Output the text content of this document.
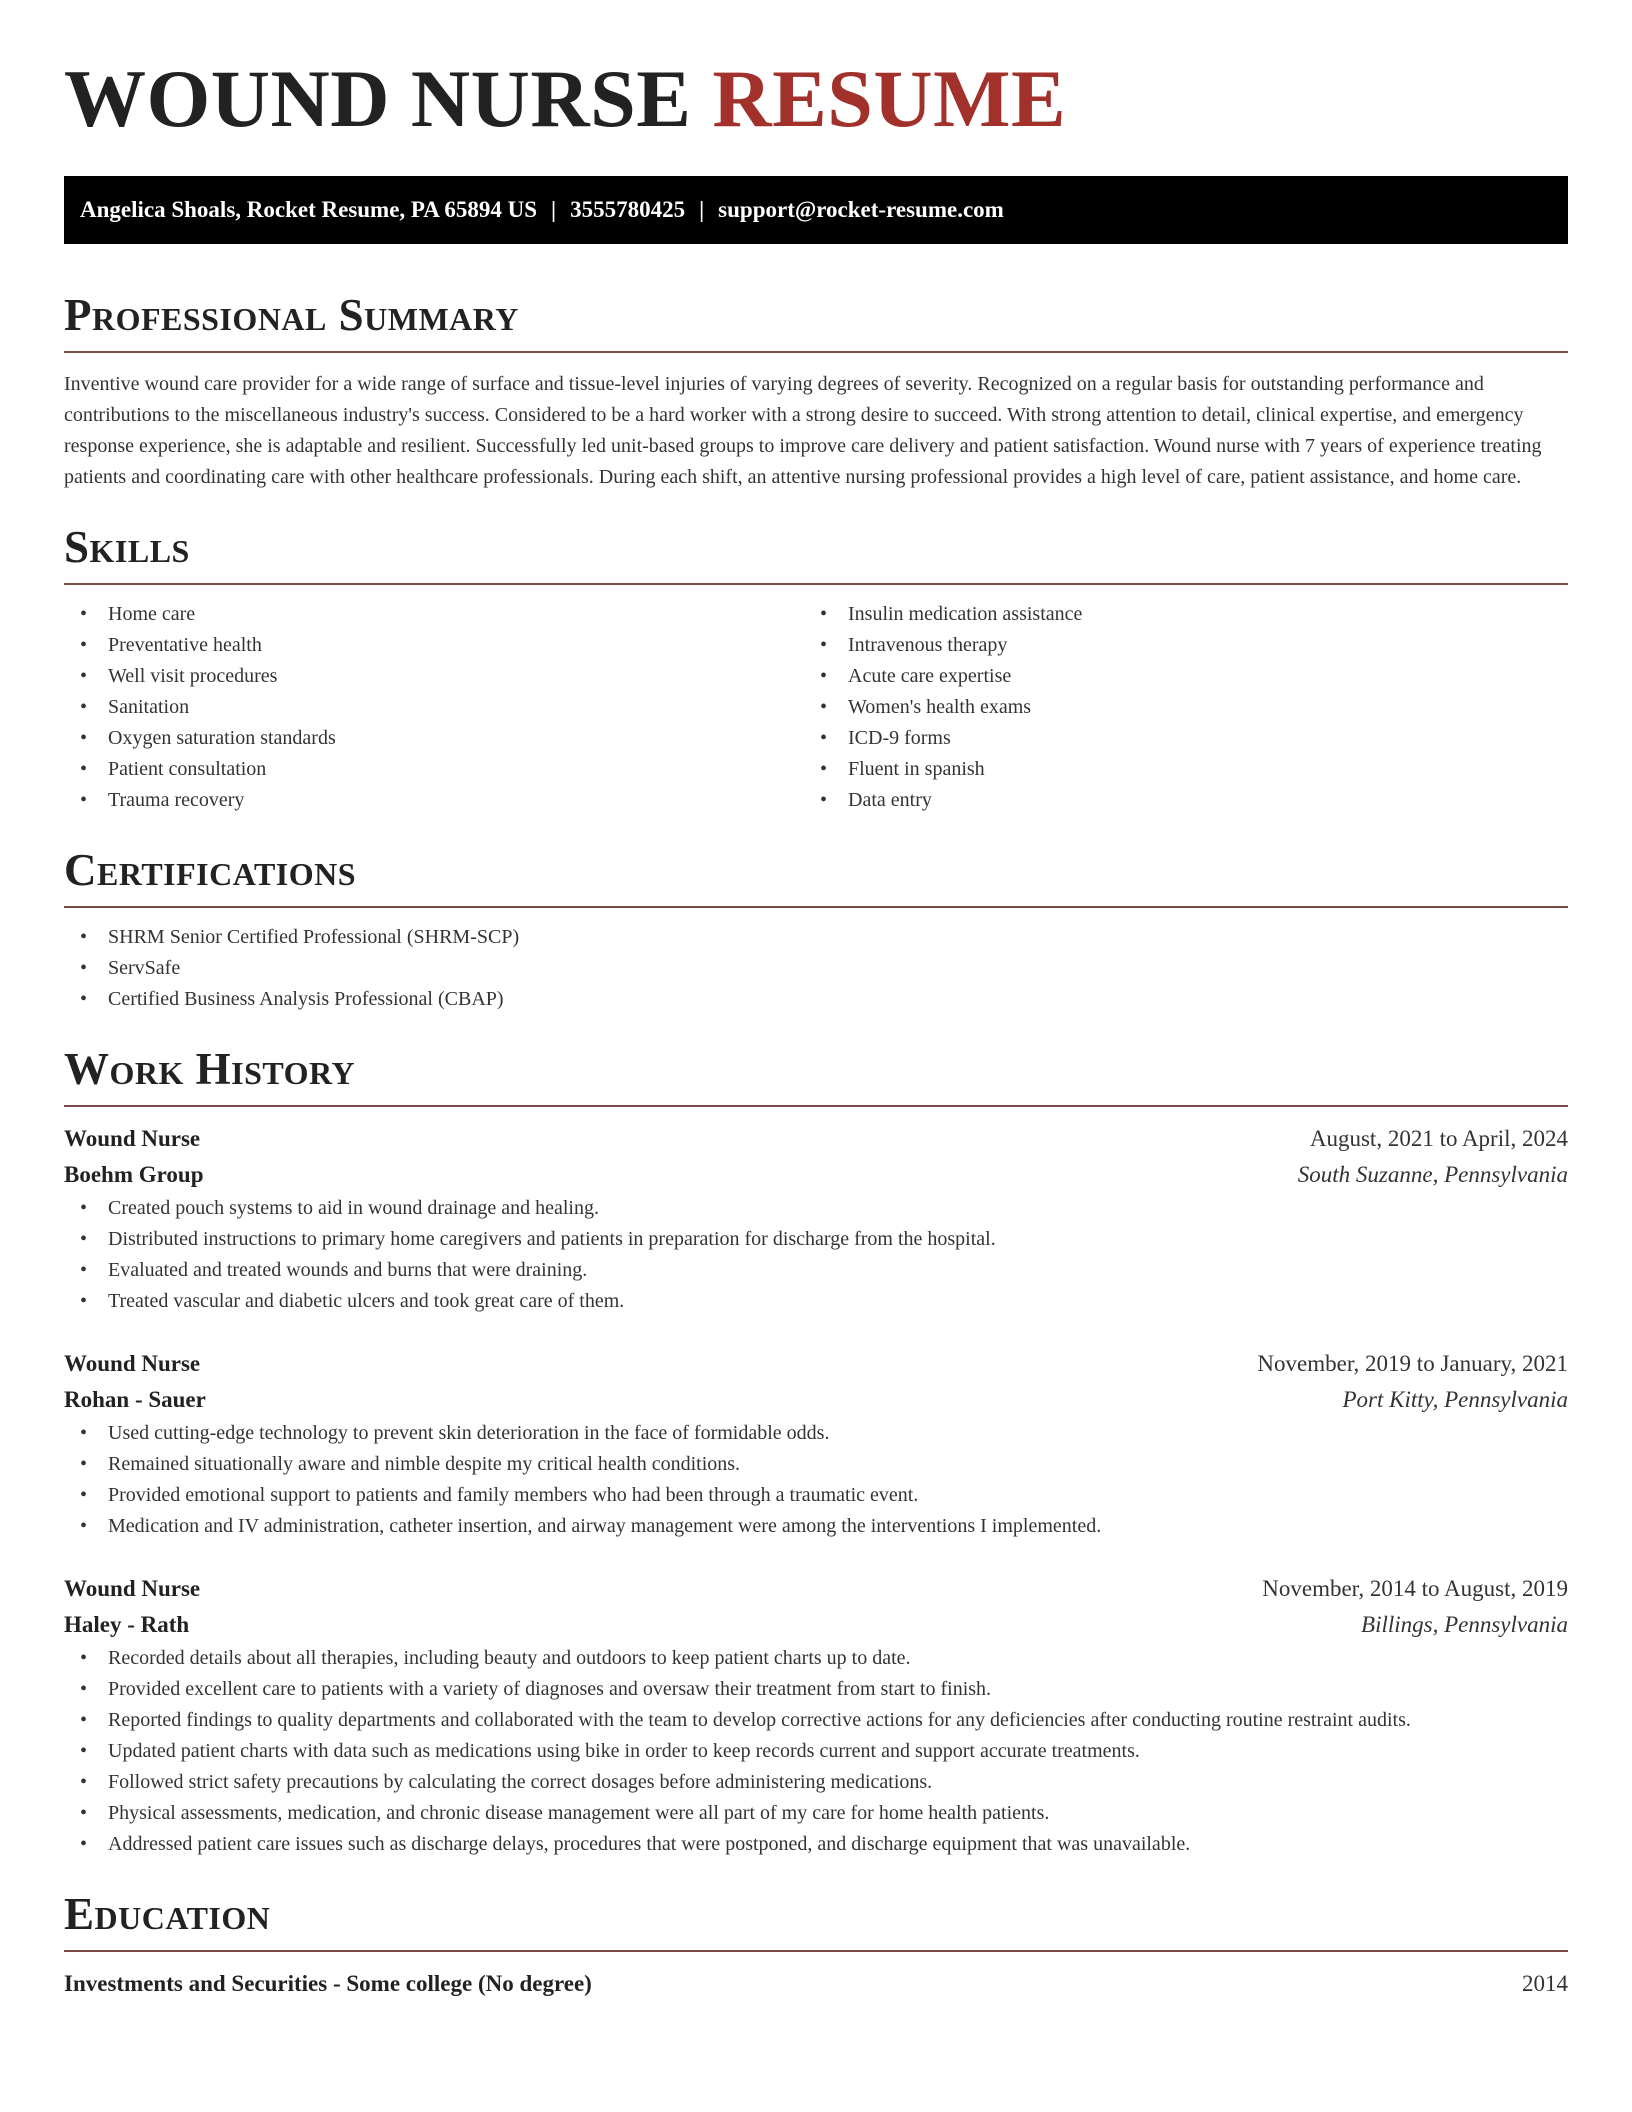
WOUND NURSE RESUME
Angelica Shoals, Rocket Resume, PA 65894 US | 3555780425 | support@rocket-resume.com
Professional Summary

Inventive wound care provider for a wide range of surface and tissue-level injuries of varying degrees of severity. Recognized on a regular basis for outstanding performance and contributions to the miscellaneous industry's success. Considered to be a hard worker with a strong desire to succeed. With strong attention to detail, clinical expertise, and emergency response experience, she is adaptable and resilient. Successfully led unit-based groups to improve care delivery and patient satisfaction. Wound nurse with 7 years of experience treating patients and coordinating care with other healthcare professionals. During each shift, an attentive nursing professional provides a high level of care, patient assistance, and home care.

Skills
• Home care
• Preventative health
• Well visit procedures
• Sanitation
• Oxygen saturation standards
• Patient consultation
• Trauma recovery
• Insulin medication assistance
• Intravenous therapy
• Acute care expertise
• Women's health exams
• ICD-9 forms
• Fluent in spanish
• Data entry
Certifications
• SHRM Senior Certified Professional (SHRM-SCP)
• ServSafe
• Certified Business Analysis Professional (CBAP)
Work History
Wound Nurse	August, 2021 to April, 2024
Boehm Group	South Suzanne, Pennsylvania
• Created pouch systems to aid in wound drainage and healing.
• Distributed instructions to primary home caregivers and patients in preparation for discharge from the hospital.
• Evaluated and treated wounds and burns that were draining.
• Treated vascular and diabetic ulcers and took great care of them.
Wound Nurse	November, 2019 to January, 2021
Rohan - Sauer	Port Kitty, Pennsylvania
• Used cutting-edge technology to prevent skin deterioration in the face of formidable odds.
• Remained situationally aware and nimble despite my critical health conditions.
• Provided emotional support to patients and family members who had been through a traumatic event.
• Medication and IV administration, catheter insertion, and airway management were among the interventions I implemented.
Wound Nurse	November, 2014 to August, 2019
Haley - Rath	Billings, Pennsylvania
• Recorded details about all therapies, including beauty and outdoors to keep patient charts up to date.
• Provided excellent care to patients with a variety of diagnoses and oversaw their treatment from start to finish.
• Reported findings to quality departments and collaborated with the team to develop corrective actions for any deficiencies after conducting routine restraint audits.
• Updated patient charts with data such as medications using bike in order to keep records current and support accurate treatments.
• Followed strict safety precautions by calculating the correct dosages before administering medications.
• Physical assessments, medication, and chronic disease management were all part of my care for home health patients.
• Addressed patient care issues such as discharge delays, procedures that were postponed, and discharge equipment that was unavailable.
Education
Investments and Securities - Some college (No degree)	2014
